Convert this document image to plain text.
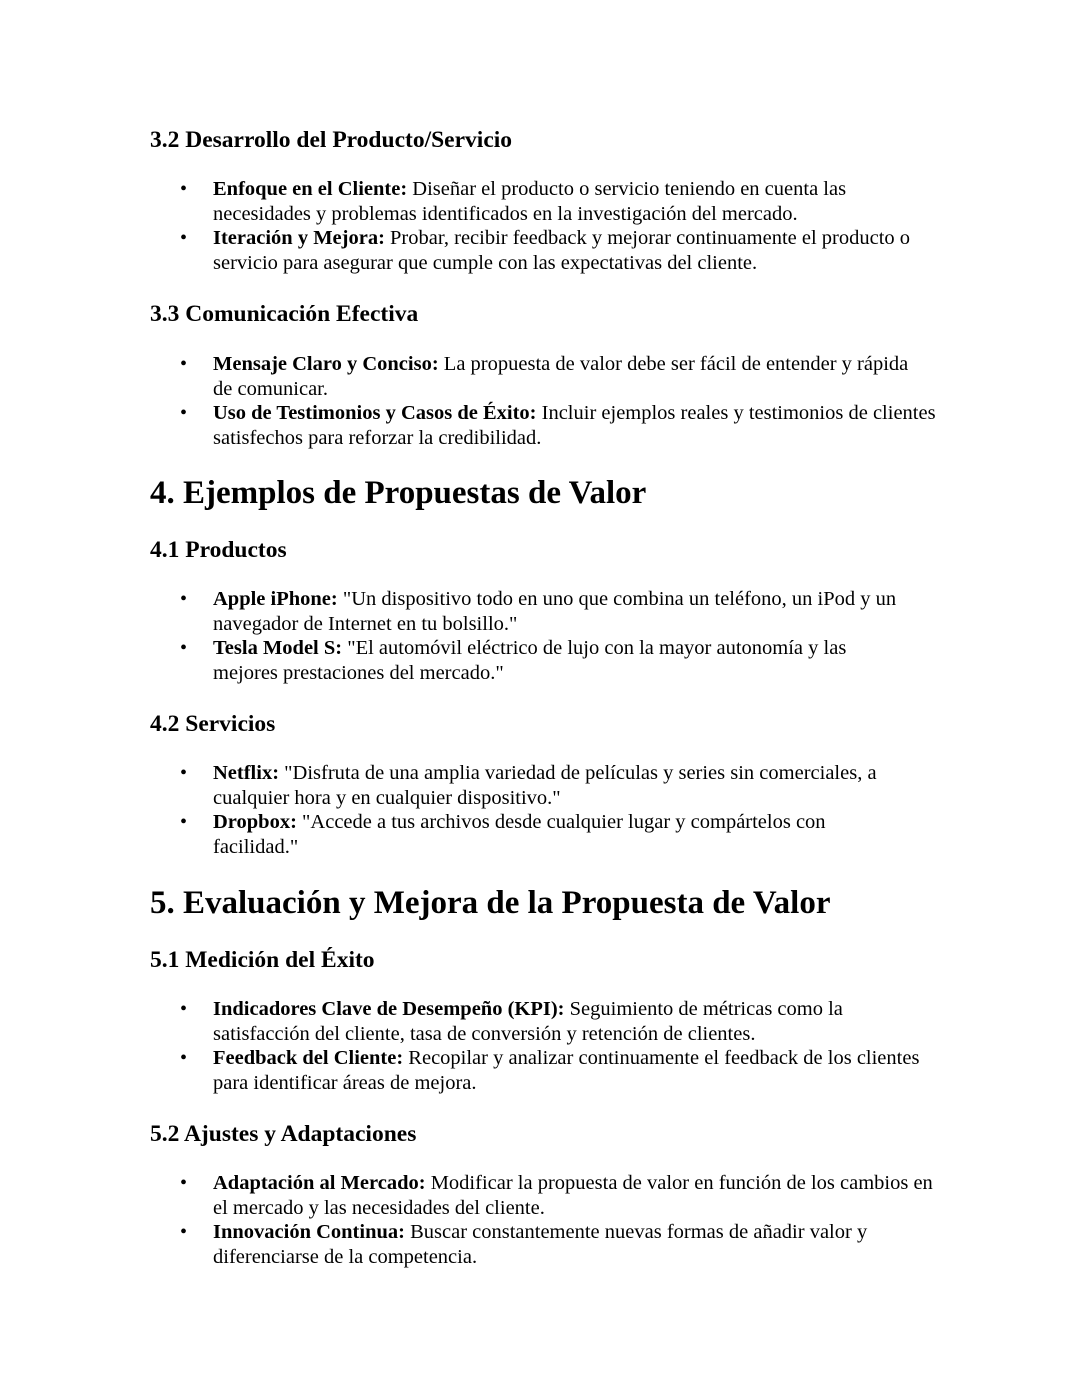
3.2 Desarrollo del Producto/Servicio
• Enfoque en el Cliente: Diseñar el producto o servicio teniendo en cuenta las necesidades y problemas identificados en la investigación del mercado.
• Iteración y Mejora: Probar, recibir feedback y mejorar continuamente el producto o servicio para asegurar que cumple con las expectativas del cliente.
3.3 Comunicación Efectiva
• Mensaje Claro y Conciso: La propuesta de valor debe ser fácil de entender y rápida de comunicar.
• Uso de Testimonios y Casos de Éxito: Incluir ejemplos reales y testimonios de clientes satisfechos para reforzar la credibilidad.
4. Ejemplos de Propuestas de Valor
4.1 Productos
• Apple iPhone: "Un dispositivo todo en uno que combina un teléfono, un iPod y un navegador de Internet en tu bolsillo."
• Tesla Model S: "El automóvil eléctrico de lujo con la mayor autonomía y las mejores prestaciones del mercado."
4.2 Servicios
• Netflix: "Disfruta de una amplia variedad de películas y series sin comerciales, a cualquier hora y en cualquier dispositivo."
• Dropbox: "Accede a tus archivos desde cualquier lugar y compártelos con facilidad."
5. Evaluación y Mejora de la Propuesta de Valor
5.1 Medición del Éxito
• Indicadores Clave de Desempeño (KPI): Seguimiento de métricas como la satisfacción del cliente, tasa de conversión y retención de clientes.
• Feedback del Cliente: Recopilar y analizar continuamente el feedback de los clientes para identificar áreas de mejora.
5.2 Ajustes y Adaptaciones
• Adaptación al Mercado: Modificar la propuesta de valor en función de los cambios en el mercado y las necesidades del cliente.
• Innovación Continua: Buscar constantemente nuevas formas de añadir valor y diferenciarse de la competencia.
